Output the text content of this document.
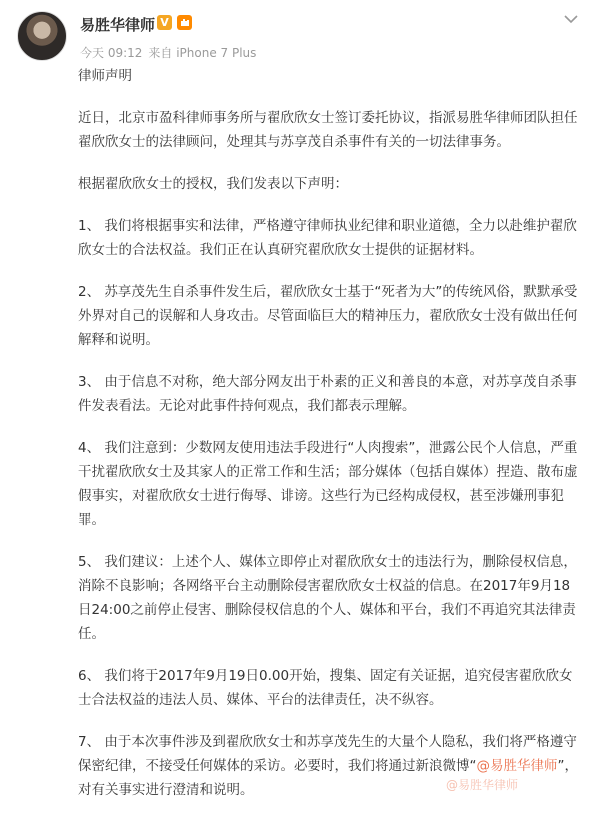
易胜华律师 V
今天 09:12 来自 iPhone 7 Plus

律师声明

近日，北京市盈科律师事务所与翟欣欣女士签订委托协议，指派易胜华律师团队担任翟欣欣女士的法律顾问，处理其与苏享茂自杀事件有关的一切法律事务。

根据翟欣欣女士的授权，我们发表以下声明：

1、 我们将根据事实和法律，严格遵守律师执业纪律和职业道德，全力以赴维护翟欣欣女士的合法权益。我们正在认真研究翟欣欣女士提供的证据材料。

2、 苏享茂先生自杀事件发生后，翟欣欣女士基于“死者为大”的传统风俗，默默承受外界对自己的误解和人身攻击。尽管面临巨大的精神压力，翟欣欣女士没有做出任何解释和说明。

3、 由于信息不对称，绝大部分网友出于朴素的正义和善良的本意，对苏享茂自杀事件发表看法。无论对此事件持何观点，我们都表示理解。

4、 我们注意到：少数网友使用违法手段进行“人肉搜索”，泄露公民个人信息，严重干扰翟欣欣女士及其家人的正常工作和生活；部分媒体（包括自媒体）捏造、散布虚假事实，对翟欣欣女士进行侮辱、诽谤。这些行为已经构成侵权，甚至涉嫌刑事犯罪。

5、 我们建议：上述个人、媒体立即停止对翟欣欣女士的违法行为，删除侵权信息，消除不良影响；各网络平台主动删除侵害翟欣欣女士权益的信息。在2017年9月18日24:00之前停止侵害、删除侵权信息的个人、媒体和平台，我们不再追究其法律责任。

6、 我们将于2017年9月19日0.00开始，搜集、固定有关证据，追究侵害翟欣欣女士合法权益的违法人员、媒体、平台的法律责任，决不纵容。

7、 由于本次事件涉及到翟欣欣女士和苏享茂先生的大量个人隐私，我们将严格遵守保密纪律，不接受任何媒体的采访。必要时，我们将通过新浪微博“@易胜华律师”，对有关事实进行澄清和说明。	@易胜华律师
